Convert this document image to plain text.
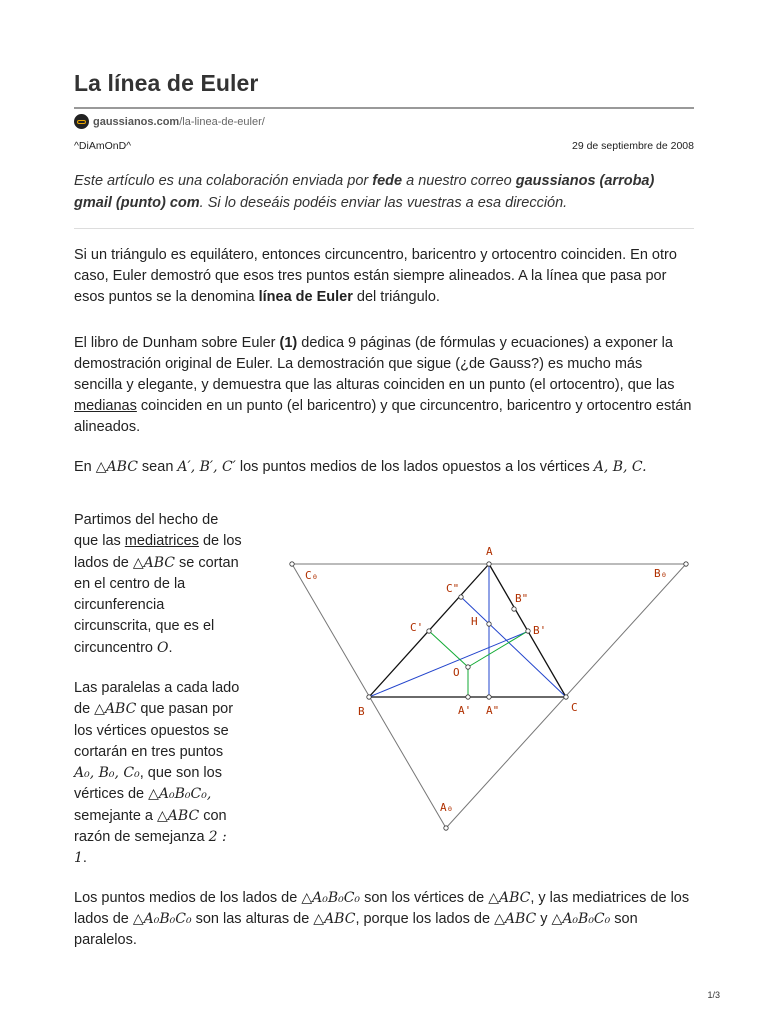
La línea de Euler
gaussianos.com /la-linea-de-euler/
^DiAmOnD^	29 de septiembre de 2008
Este artículo es una colaboración enviada por fede a nuestro correo gaussianos (arroba) gmail (punto) com. Si lo deseáis podéis enviar las vuestras a esa dirección.
Si un triángulo es equilátero, entonces circuncentro, baricentro y ortocentro coinciden. En otro caso, Euler demostró que esos tres puntos están siempre alineados. A la línea que pasa por esos puntos se la denomina línea de Euler del triángulo.
El libro de Dunham sobre Euler (1) dedica 9 páginas (de fórmulas y ecuaciones) a exponer la demostración original de Euler. La demostración que sigue (¿de Gauss?) es mucho más sencilla y elegante, y demuestra que las alturas coinciden en un punto (el ortocentro), que las medianas coinciden en un punto (el baricentro) y que circuncentro, baricentro y ortocentro están alineados.
En △ABC sean A′, B′, C′ los puntos medios de los lados opuestos a los vértices A, B, C.
Partimos del hecho de que las mediatrices de los lados de △ABC se cortan en el centro de la circunferencia circunscrita, que es el circuncentro O.
Las paralelas a cada lado de △ABC que pasan por los vértices opuestos se cortarán en tres puntos A₀, B₀, C₀, que son los vértices de △A₀B₀C₀, semejante a △ABC con razón de semejanza 2 : 1.
A
B	C
A₀
B₀
C₀
A'
B'
C'
A"
B"
C"
H
O
Los puntos medios de los lados de △A₀B₀C₀ son los vértices de △ABC, y las mediatrices de los lados de △A₀B₀C₀ son las alturas de △ABC, porque los lados de △ABC y △A₀B₀C₀ son paralelos.
1/3
